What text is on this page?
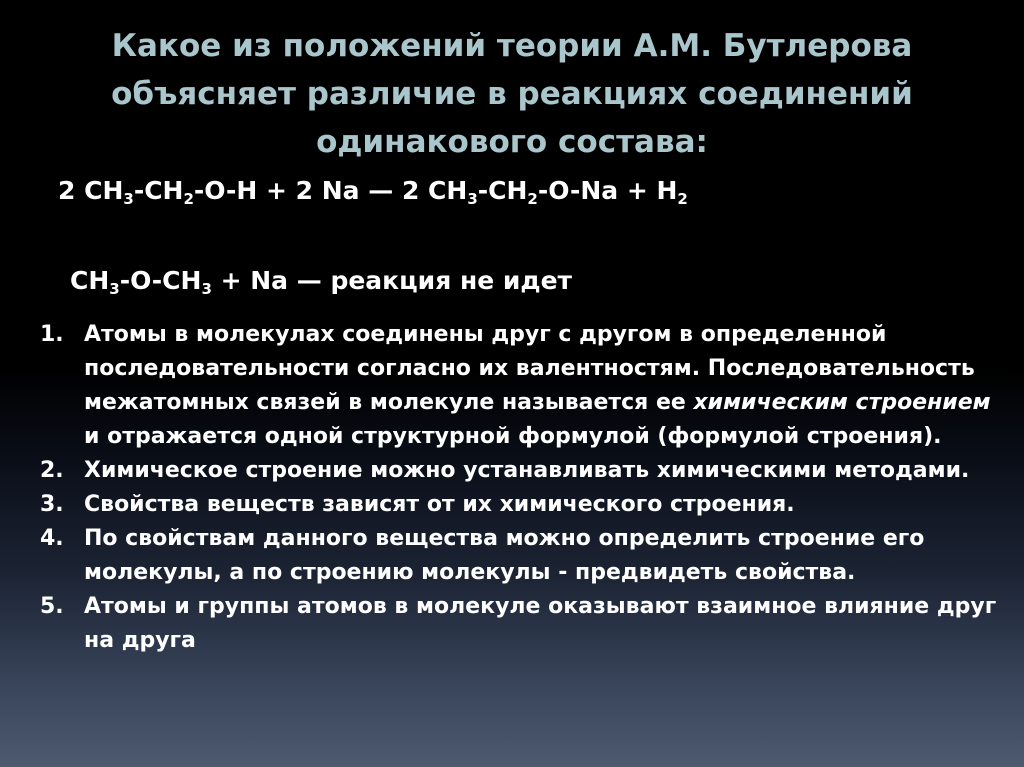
Какое из положений теории А.М. Бутлерова
объясняет различие в реакциях соединений
одинакового состава:
2 $CH_3-CH_2-O-H + 2$ Na — 2 $CH_3-CH_2-O-Na + H_2$
$CH_3-O-CH_3 + Na$ — реакция не идет
1. Атомы в молекулах соединены друг с другом в определенной последовательности согласно их валентностям. Последовательность межатомных связей в молекуле называется ее химическим строением и отражается одной структурной формулой (формулой строения).
2. Химическое строение можно устанавливать химическими методами.
3. Свойства веществ зависят от их химического строения.
4. По свойствам данного вещества можно определить строение его молекулы, а по строению молекулы - предвидеть свойства.
5. Атомы и группы атомов в молекуле оказывают взаимное влияние друг на друга
